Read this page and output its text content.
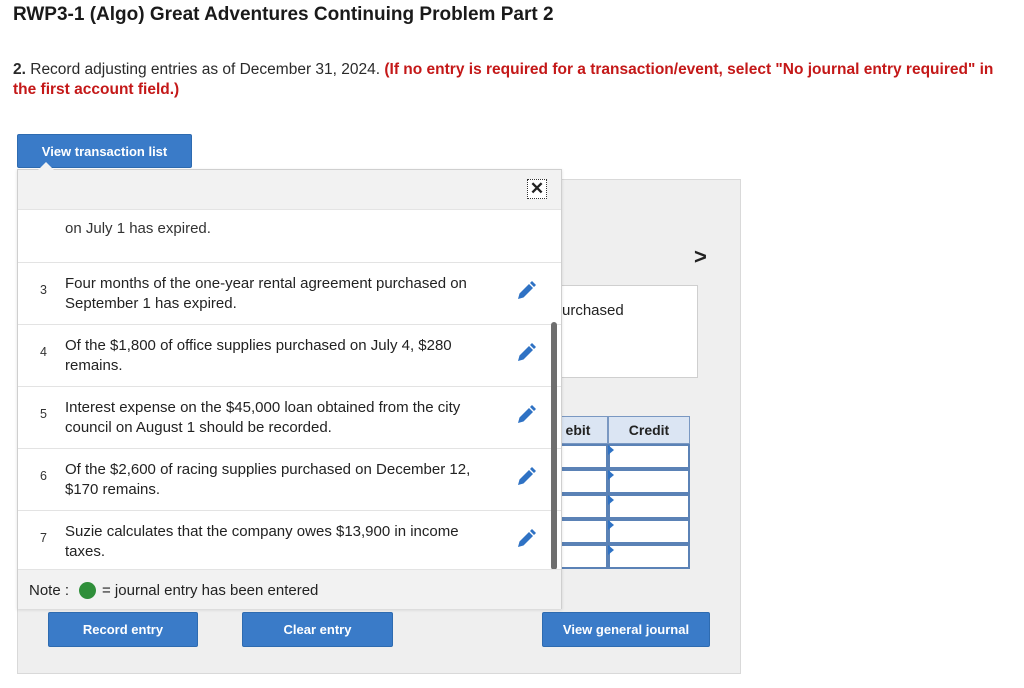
RWP3-1 (Algo) Great Adventures Continuing Problem Part 2
2. Record adjusting entries as of December 31, 2024. (If no entry is required for a transaction/event, select "No journal entry required" in the first account field.)
View transaction list
>
urchased
ebit	Credit
View general journal
✕
on July 1 has expired.
3 Four months of the one-year rental agreement purchased on September 1 has expired.
4 Of the $1,800 of office supplies purchased on July 4, $280 remains.
5 Interest expense on the $45,000 loan obtained from the city council on August 1 should be recorded.
6 Of the $2,600 of racing supplies purchased on December 12, $170 remains.
7 Suzie calculates that the company owes $13,900 in income taxes.
Note : = journal entry has been entered
Record entry	Clear entry
